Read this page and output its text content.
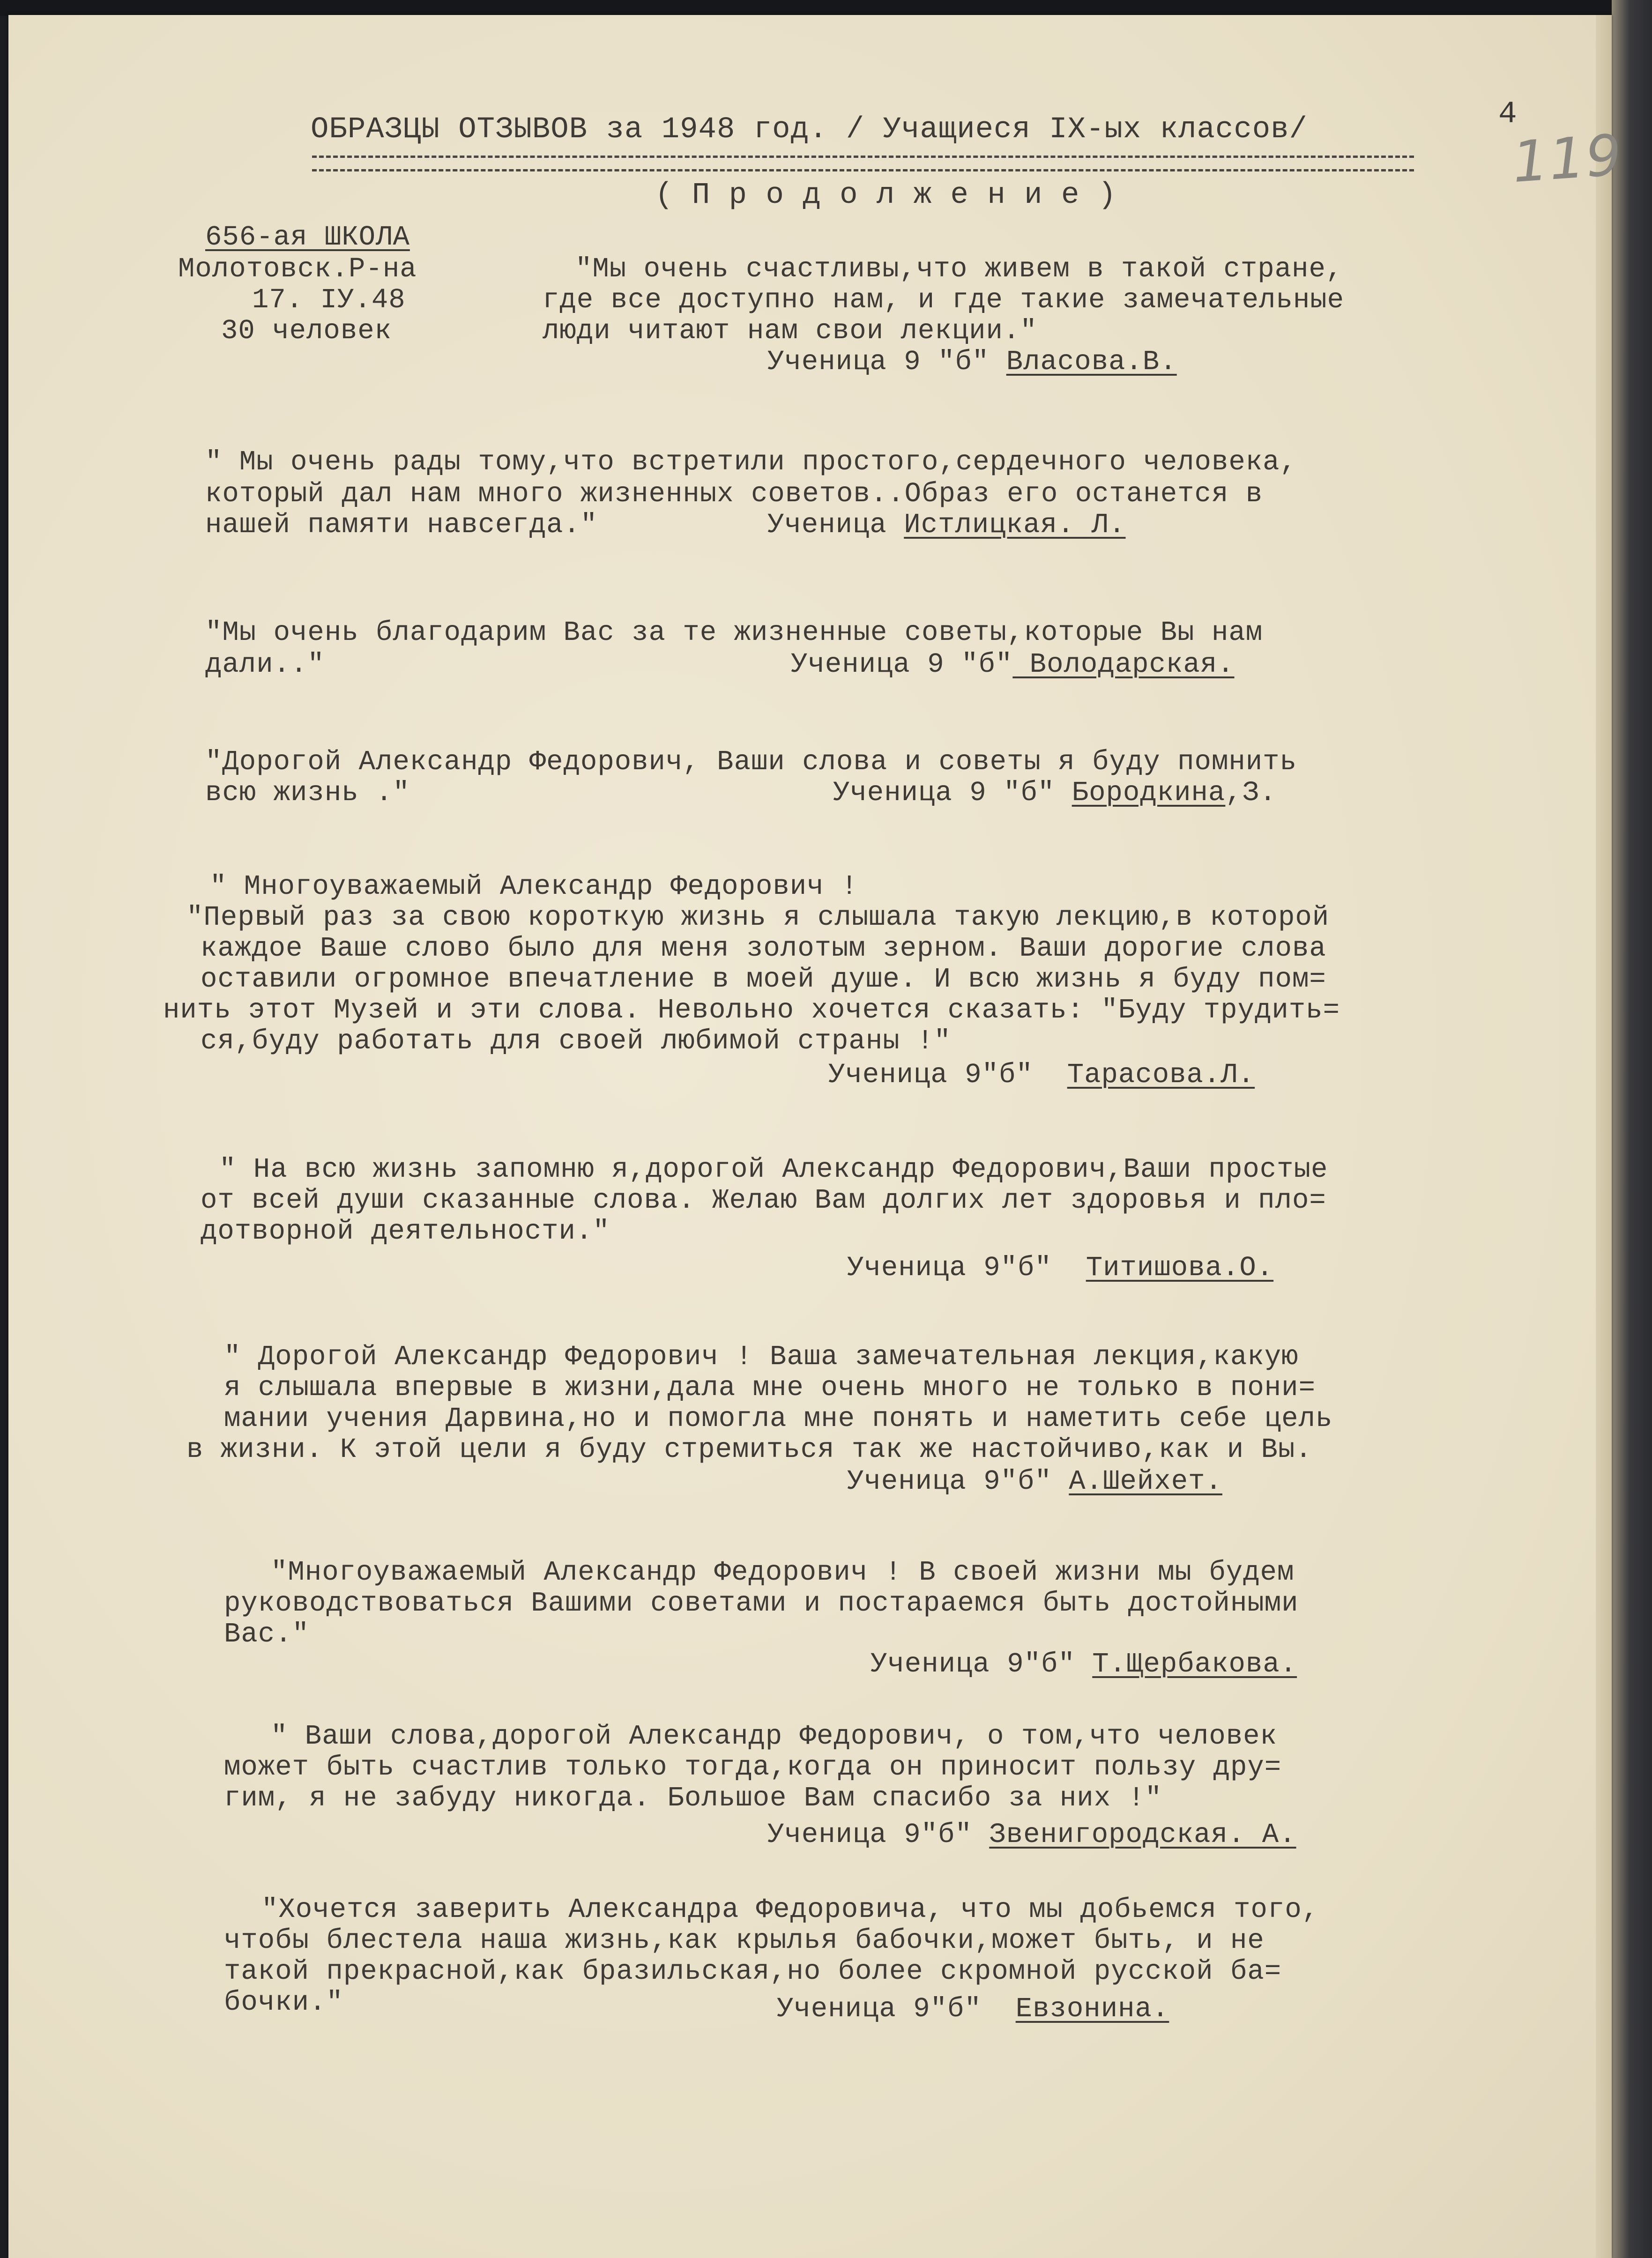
ОБРАЗЦЫ ОТЗЫВОВ за 1948 год. / Учащиеся IX-ых классов/
( П р о д о л ж е н и е )
4
119
656-ая ШКОЛА
Молотовск.Р-на
17. IУ.48
30 человек
"Мы очень счастливы,что живем в такой стране,
где все доступно нам, и где такие замечательные
люди читают нам свои лекции."
Ученица 9 "б" Власова.В.
" Мы очень рады тому,что встретили простого,сердечного человека,
который дал нам много жизненных советов..Образ его останется в
нашей памяти навсегда."	Ученица Истлицкая. Л.
"Мы очень благодарим Вас за те жизненные советы,которые Вы нам
дали.."	Ученица 9 "б" Володарская.
"Дорогой Александр Федорович, Ваши слова и советы я буду помнить
всю жизнь ."	Ученица 9 "б" Бородкина,З.
" Многоуважаемый Александр Федорович !
"Первый раз за свою короткую жизнь я слышала такую лекцию,в которой
каждое Ваше слово было для меня золотым зерном. Ваши дорогие слова
оставили огромное впечатление в моей душе. И всю жизнь я буду пом=
нить этот Музей и эти слова. Невольно хочется сказать: "Буду трудить=
ся,буду работать для своей любимой страны !"
Ученица 9"б"  Тарасова.Л.
" На всю жизнь запомню я,дорогой Александр Федорович,Ваши простые
от всей души сказанные слова. Желаю Вам долгих лет здоровья и пло=
дотворной деятельности."
Ученица 9"б"  Титишова.О.
" Дорогой Александр Федорович ! Ваша замечательная лекция,какую
я слышала впервые в жизни,дала мне очень много не только в пони=
мании учения Дарвина,но и помогла мне понять и наметить себе цель
в жизни. К этой цели я буду стремиться так же настойчиво,как и Вы.
Ученица 9"б" А.Шейхет.
"Многоуважаемый Александр Федорович ! В своей жизни мы будем
руководствоваться Вашими советами и постараемся быть достойными
Вас."
Ученица 9"б" Т.Щербакова.
" Ваши слова,дорогой Александр Федорович, о том,что человек
может быть счастлив только тогда,когда он приносит пользу дру=
гим, я не забуду никогда. Большое Вам спасибо за них !"
Ученица 9"б" Звенигородская. А.
"Хочется заверить Александра Федоровича, что мы добьемся того,
чтобы блестела наша жизнь,как крылья бабочки,может быть, и не
такой прекрасной,как бразильская,но более скромной русской ба=
бочки."	Ученица 9"б"  Евзонина.
